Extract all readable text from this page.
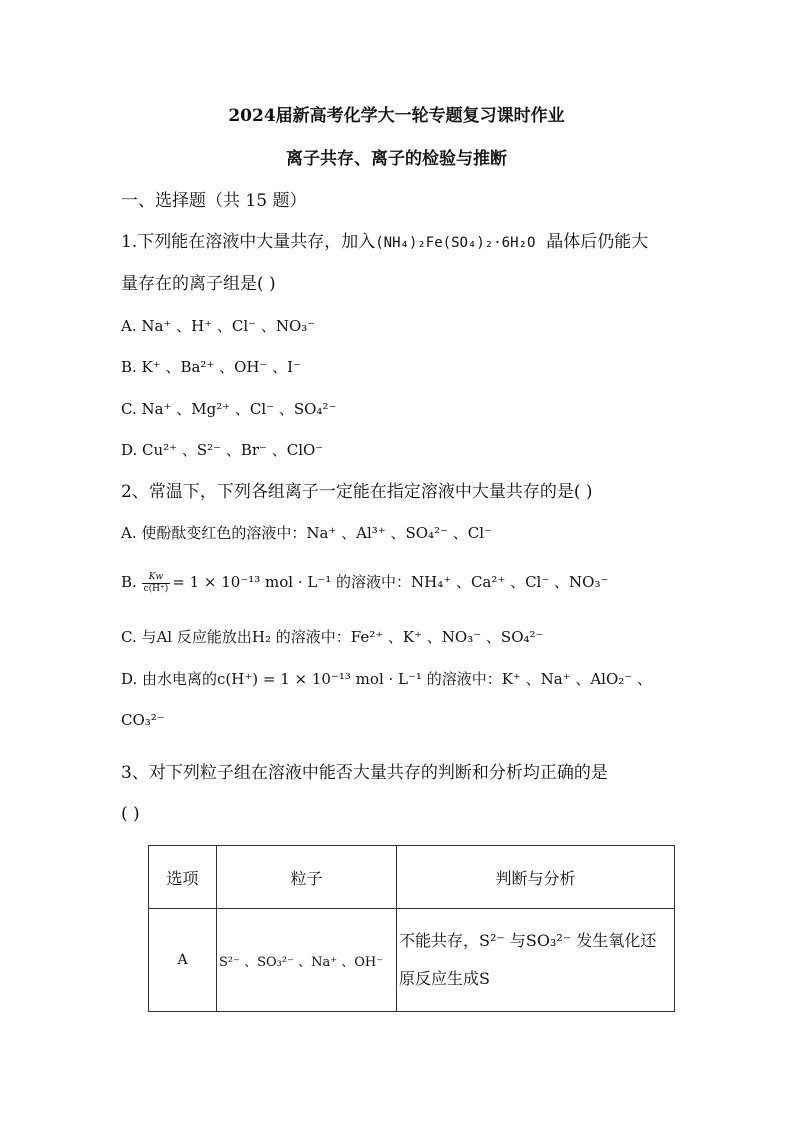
2024届新高考化学大一轮专题复习课时作业
离子共存、离子的检验与推断
一、选择题（共 15 题）
1.下列能在溶液中大量共存，加入(NH₄)₂Fe(SO₄)₂·6H₂O 晶体后仍能大
量存在的离子组是( )
A. Na⁺ 、H⁺ 、Cl⁻ 、NO₃⁻
B. K⁺ 、Ba²⁺ 、OH⁻ 、I⁻
C. Na⁺ 、Mg²⁺ 、Cl⁻ 、SO₄²⁻
D. Cu²⁺ 、S²⁻ 、Br⁻ 、ClO⁻
2、常温下，下列各组离子一定能在指定溶液中大量共存的是( )
A. 使酚酞变红色的溶液中：Na⁺ 、Al³⁺ 、SO₄²⁻ 、Cl⁻
B. $\frac{Kw}{c(H^+)} = 1 \times 10^{-13}$ mol · L⁻¹ 的溶液中：NH₄⁺ 、Ca²⁺ 、Cl⁻ 、NO₃⁻
C. 与Al 反应能放出H₂ 的溶液中：Fe²⁺ 、K⁺ 、NO₃⁻ 、SO₄²⁻
D. 由水电离的c(H⁺) = 1 × 10⁻¹³ mol · L⁻¹ 的溶液中：K⁺ 、Na⁺ 、AlO₂⁻ 、
CO₃²⁻
3、对下列粒子组在溶液中能否大量共存的判断和分析均正确的是
( )
选项	粒子	判断与分析
A	S²⁻ 、SO₃²⁻ 、Na⁺ 、OH⁻	不能共存，S²⁻ 与SO₃²⁻ 发生氧化还
原反应生成S
